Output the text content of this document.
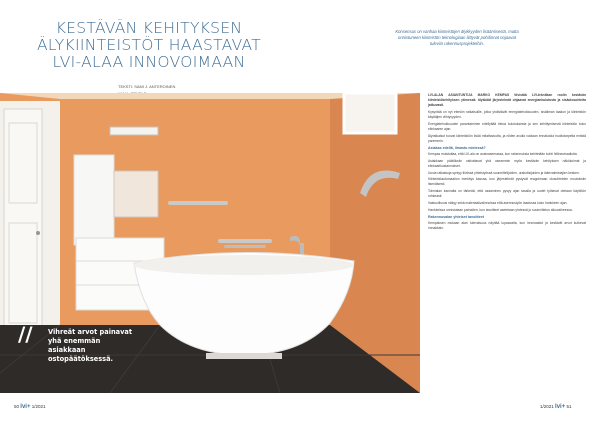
KESTÄVÄN KEHITYKSEN ÄLYKIINTEISTÖT HAASTAVAT LVI-ALAA INNOVOIMAAN
TEKSTI: SAMI J. ANTEROINEN
Konsensus on vanhaa kiinteistöjen älykkyyden lisäämisestä, mutta onnistuneen kiinteistön teknologiaan liittyvät pohdinnat nojaavat tuleviin rakennusprojekteihin.
// Vihreät arvot painavat yhä enemmän asiakkaan ostopäätöksessä.

LVI-ALAN ASIANTUNTIJA MARKO KEMPAS tiivistää LVI-tekniikan roolin kestävän kiinteistökehityksen ytimessä: älykkäät järjestelmät ohjaavat energiankulutusta ja sisäolosuhteita jatkuvasti.

Kysyntää on nyt etenkin ratkaisuille, jotka yhdistävät energiatehokkuuden, sisäilman laadun ja kiinteistön käyttäjien viihtyvyyden.

Energiatehokkuuden parantaminen edellyttää tietoa kulutuksesta ja sen kehittymisestä kiinteistön koko elinkaaren ajan.

Älyratkaisut tuovat kiinteistöön lisää mitattavuutta, ja niiden avulla voidaan ennakoida huoltotarpeita entistä paremmin.

Asiakas edellä, ilmasto mielessä?

Kempas muistuttaa, että LVI-ala on avainasemassa, kun rakennuksia kehitetään kohti hiilineutraaliutta.

Asiakkaan päätöksiin vaikuttavat yhä useammin myös kestävän kehityksen näkökulmat ja elinkaarikustannukset.

Uusia ratkaisuja syntyy tiiviissä yhteistyössä suunnittelijoiden, urakoitsijoiden ja laitevalmistajien kesken.

Kiinteistöautomaation merkitys kasvaa, kun järjestelmät pystyvät reagoimaan olosuhteiden muutoksiin itsenäisesti.

Toimialan kannalta on tärkeää, että osaaminen pysyy ajan tasalla ja uudet työtavat otetaan käyttöön rohkeasti.

Vastuullisuus näkyy sekä materiaalivalinnoissa että asennustyön laadussa koko hankkeen ajan.

Hankkeissa onnistutaan parhaiten, kun tavoitteet asetetaan yhdessä jo suunnittelun alkuvaiheessa.

Rakennusalan yhteiset tavoitteet

Kempaksen mukaan alan tulevaisuus näyttää lupaavalta, kun innovaatiot ja kestävät arvot kulkevat rinnakkain.

50 lvi+ 1/2021	1/2021 lvi+ 51
